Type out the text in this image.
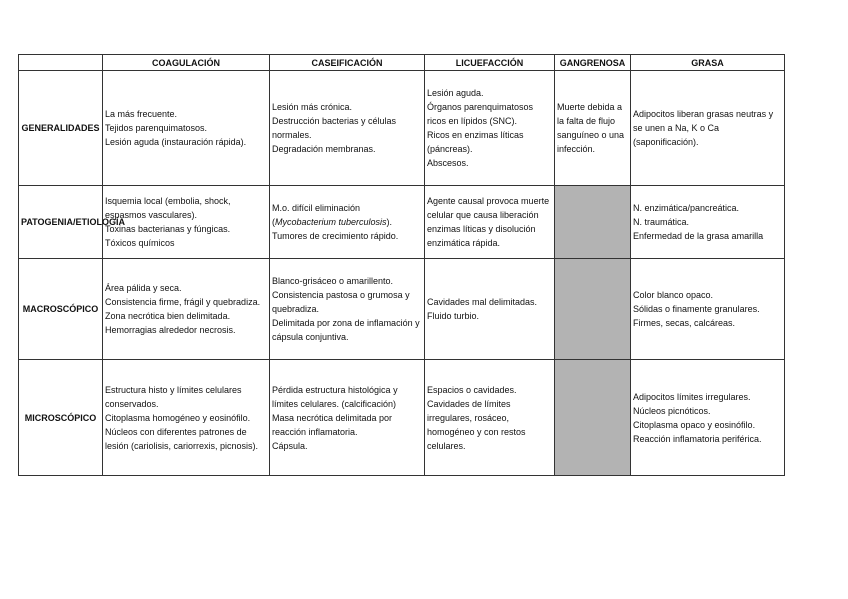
	COAGULACIÓN	CASEIFICACIÓN	LICUEFACCIÓN	GANGRENOSA	GRASA
GENERALIDADES	La más frecuente.
Tejidos parenquimatosos.
Lesión aguda (instauración rápida).	Lesión más crónica.
Destrucción bacterias y células normales.
Degradación membranas.	Lesión aguda.
Órganos parenquimatosos ricos en lípidos (SNC).
Ricos en enzimas líticas (páncreas).
Abscesos.	Muerte debida a la falta de flujo sanguíneo o una infección.	Adipocitos liberan grasas neutras y se unen a Na, K o Ca (saponificación).

PATOGENIA/ETIOLOGÍA	Isquemia local (embolia, shock, espasmos vasculares).
Toxinas bacterianas y fúngicas.
Tóxicos químicos	M.o. difícil eliminación (Mycobacterium tuberculosis).
Tumores de crecimiento rápido.	Agente causal provoca muerte celular que causa liberación enzimas líticas y disolución enzimática rápida.		N. enzimática/pancreática.
N. traumática.
Enfermedad de la grasa amarilla

MACROSCÓPICO	Área pálida y seca.
Consistencia firme, frágil y quebradiza.
Zona necrótica bien delimitada.
Hemorragias alrededor necrosis.	Blanco-grisáceo o amarillento.
Consistencia pastosa o grumosa y quebradiza.
Delimitada por zona de inflamación y cápsula conjuntiva.	Cavidades mal delimitadas.
Fluido turbio.		Color blanco opaco.
Sólidas o finamente granulares.
Firmes, secas, calcáreas.

MICROSCÓPICO	Estructura histo y límites celulares conservados.
Citoplasma homogéneo y eosinófilo.
Núcleos con diferentes patrones de lesión (cariolisis, cariorrexis, picnosis).	Pérdida estructura histológica y límites celulares. (calcificación)
Masa necrótica delimitada por reacción inflamatoria.
Cápsula.	Espacios o cavidades.
Cavidades de límites irregulares, rosáceo, homogéneo y con restos celulares.		Adipocitos límites irregulares.
Núcleos picnóticos.
Citoplasma opaco y eosinófilo.
Reacción inflamatoria periférica.
